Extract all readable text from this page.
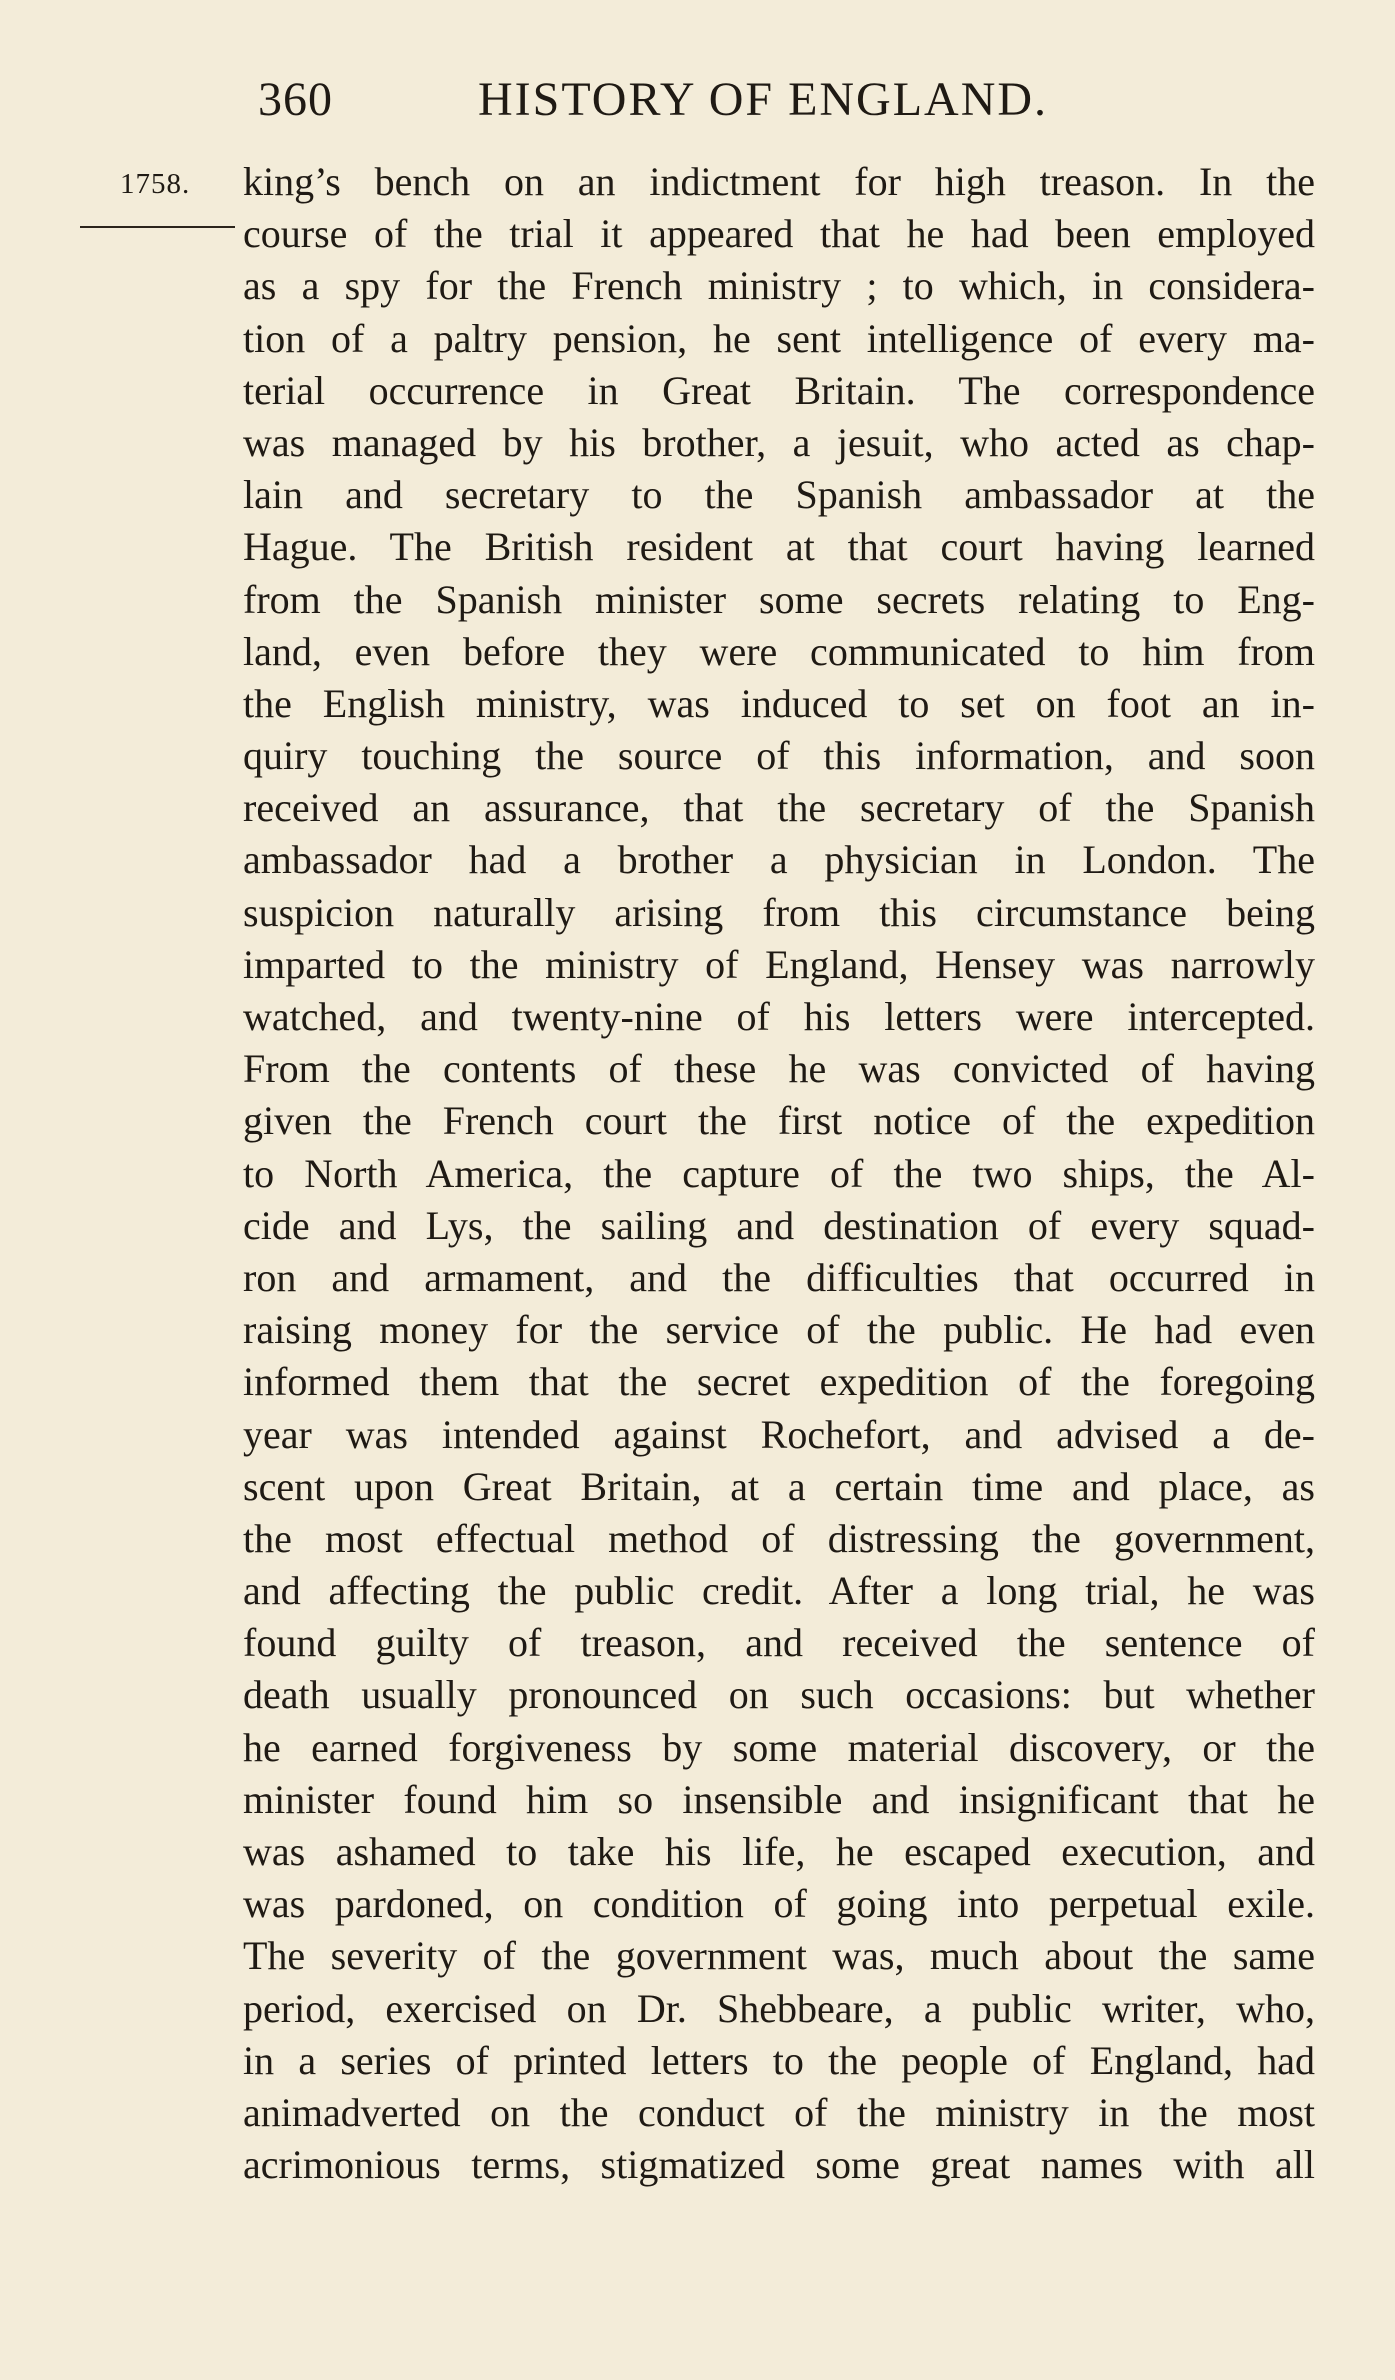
360	HISTORY OF ENGLAND.
1758. king’s bench on an indictment for high treason. In the
course of the trial it appeared that he had been employed
as a spy for the French ministry ; to which, in considera-
tion of a paltry pension, he sent intelligence of every ma-
terial occurrence in Great Britain. The correspondence
was managed by his brother, a jesuit, who acted as chap-
lain and secretary to the Spanish ambassador at the
Hague. The British resident at that court having learned
from the Spanish minister some secrets relating to Eng-
land, even before they were communicated to him from
the English ministry, was induced to set on foot an in-
quiry touching the source of this information, and soon
received an assurance, that the secretary of the Spanish
ambassador had a brother a physician in London. The
suspicion naturally arising from this circumstance being
imparted to the ministry of England, Hensey was narrowly
watched, and twenty-nine of his letters were intercepted.
From the contents of these he was convicted of having
given the French court the first notice of the expedition
to North America, the capture of the two ships, the Al-
cide and Lys, the sailing and destination of every squad-
ron and armament, and the difficulties that occurred in
raising money for the service of the public. He had even
informed them that the secret expedition of the foregoing
year was intended against Rochefort, and advised a de-
scent upon Great Britain, at a certain time and place, as
the most effectual method of distressing the government,
and affecting the public credit. After a long trial, he was
found guilty of treason, and received the sentence of
death usually pronounced on such occasions: but whether
he earned forgiveness by some material discovery, or the
minister found him so insensible and insignificant that he
was ashamed to take his life, he escaped execution, and
was pardoned, on condition of going into perpetual exile.
The severity of the government was, much about the same
period, exercised on Dr. Shebbeare, a public writer, who,
in a series of printed letters to the people of England, had
animadverted on the conduct of the ministry in the most
acrimonious terms, stigmatized some great names with all
